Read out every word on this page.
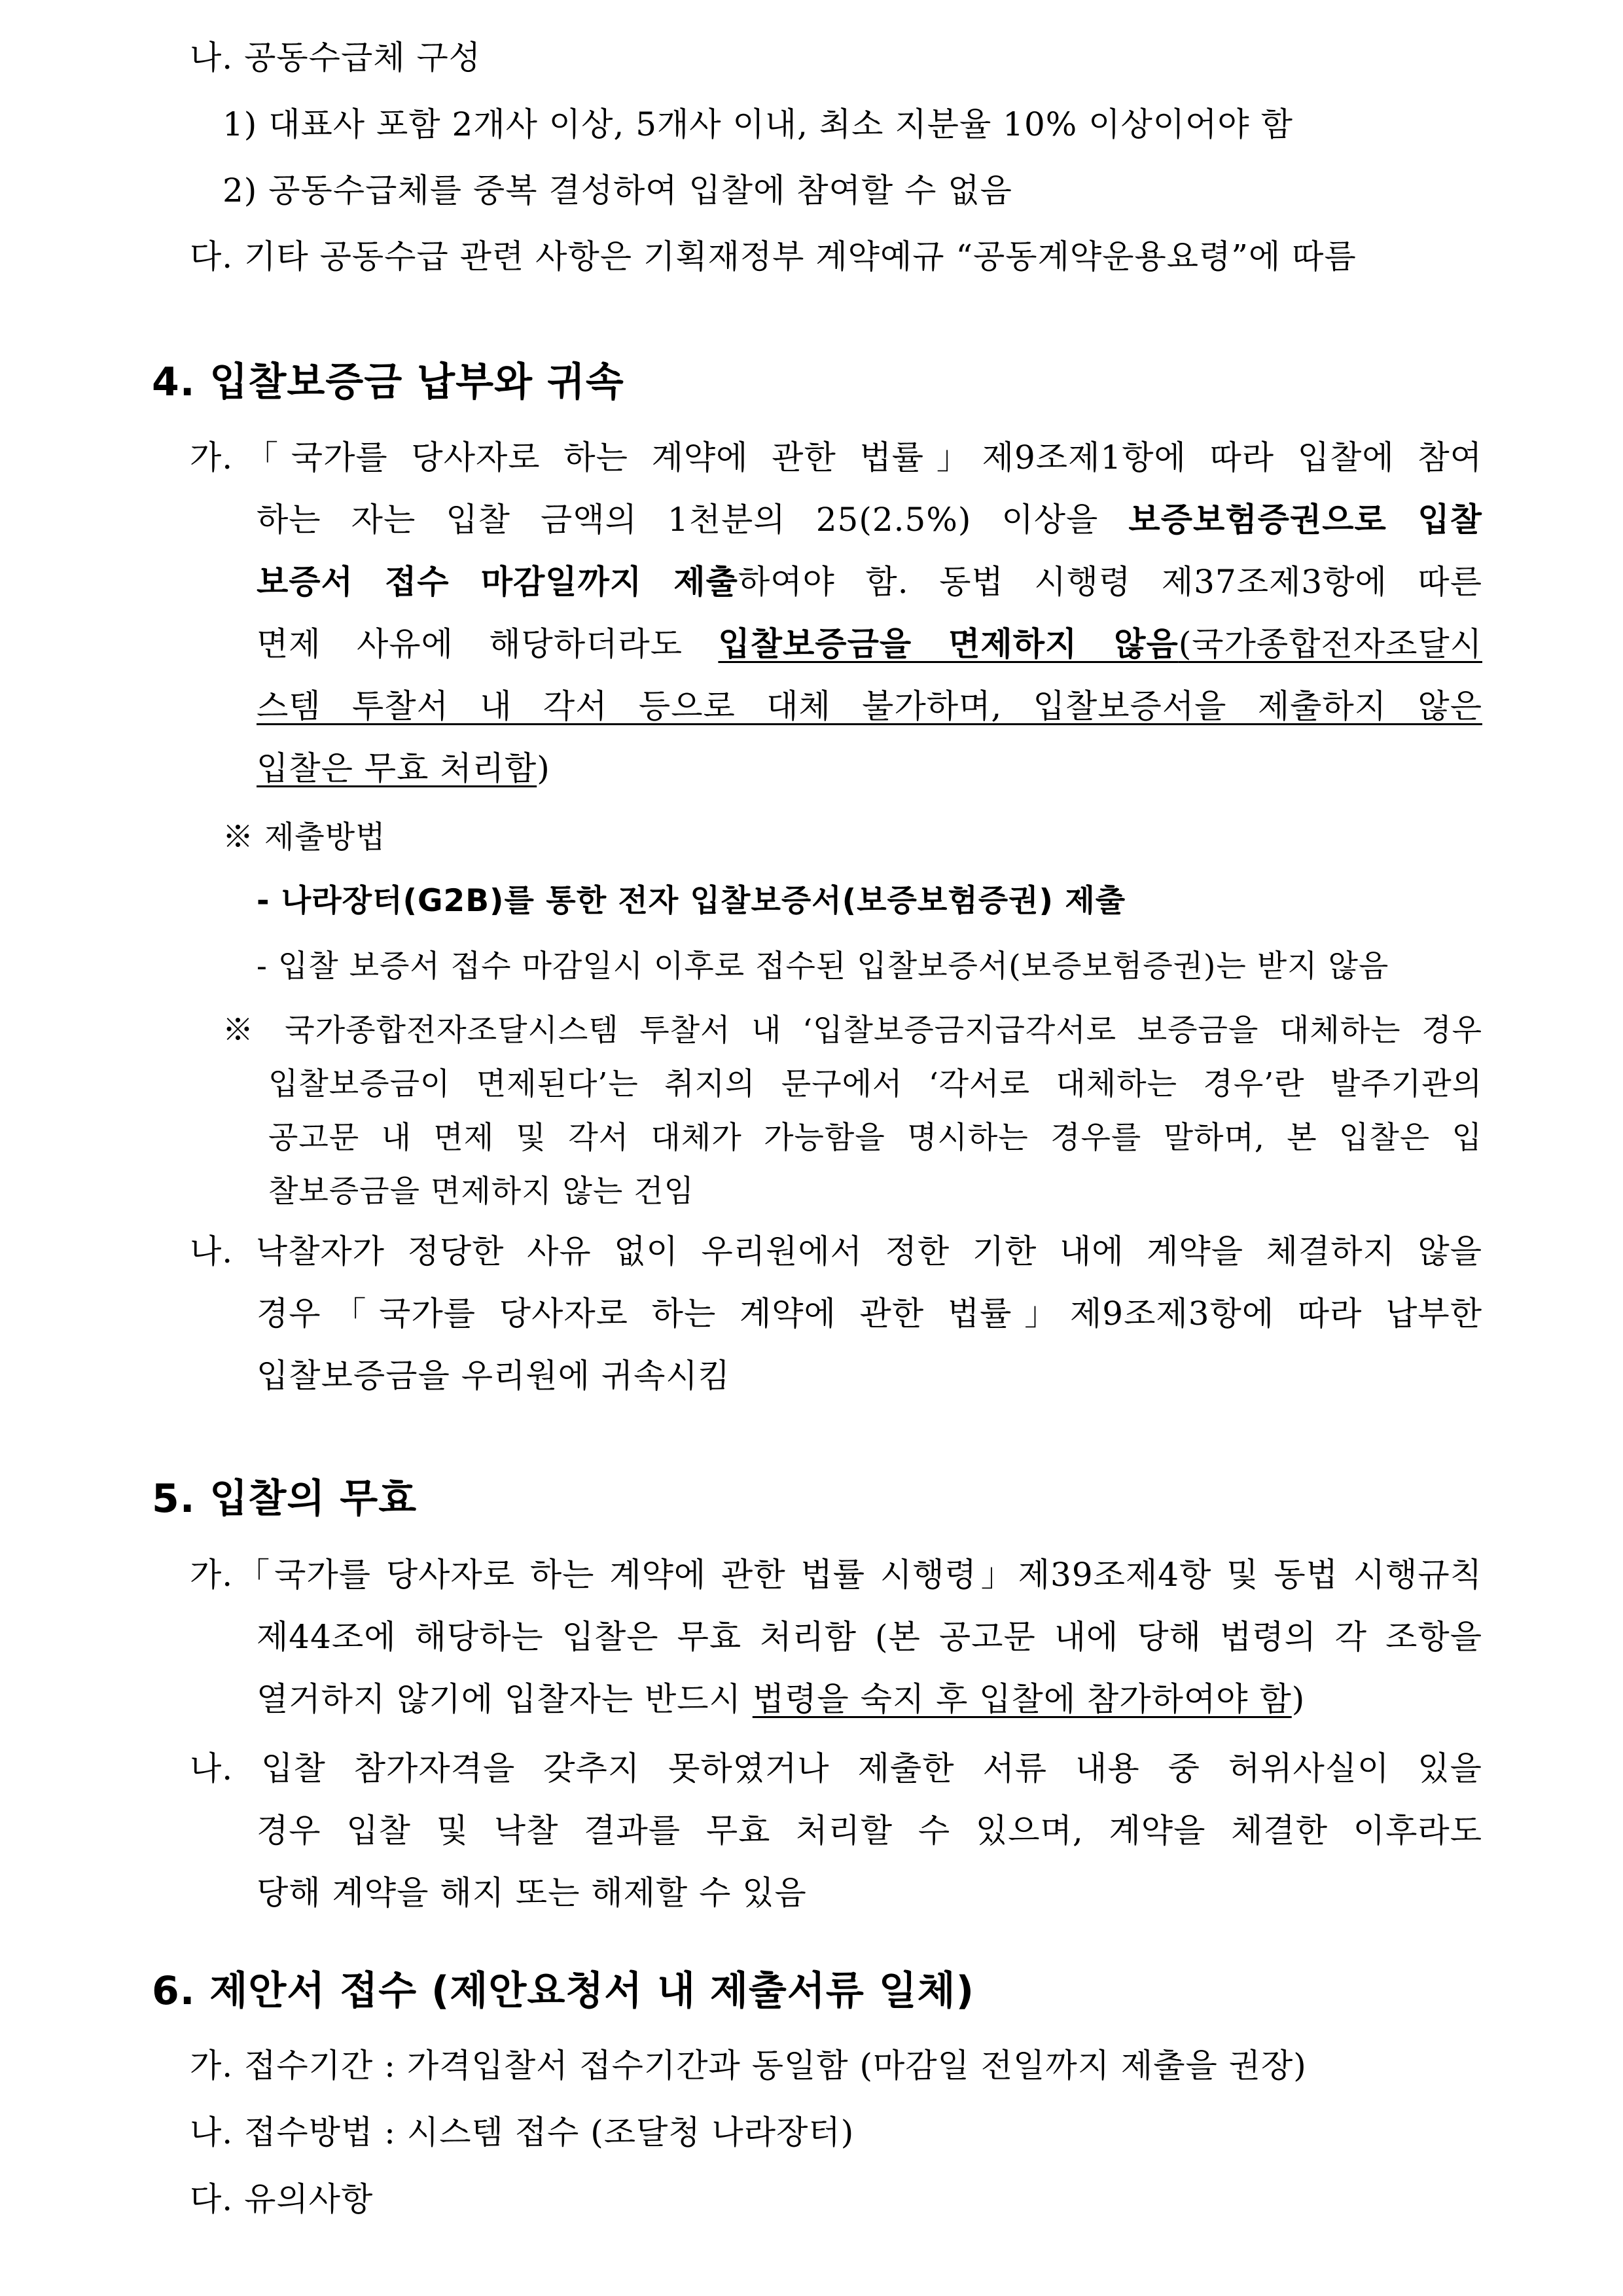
나. 공동수급체 구성

1) 대표사 포함 2개사 이상, 5개사 이내, 최소 지분율 10% 이상이어야 함

2) 공동수급체를 중복 결성하여 입찰에 참여할 수 없음

다. 기타 공동수급 관련 사항은 기획재정부 계약예규 “공동계약운용요령”에 따름

4. 입찰보증금 납부와 귀속

가.「국가를 당사자로 하는 계약에 관한 법률」제9조제1항에 따라 입찰에 참여

하는 자는 입찰 금액의 1천분의 25(2.5%) 이상을 보증보험증권으로 입찰

보증서 접수 마감일까지 제출하여야 함. 동법 시행령 제37조제3항에 따른

면제 사유에 해당하더라도 입찰보증금을 면제하지 않음(국가종합전자조달시

스템 투찰서 내 각서 등으로 대체 불가하며, 입찰보증서을 제출하지 않은

입찰은 무효 처리함)

※ 제출방법

- 나라장터(G2B)를 통한 전자 입찰보증서(보증보험증권) 제출

- 입찰 보증서 접수 마감일시 이후로 접수된 입찰보증서(보증보험증권)는 받지 않음

※ 국가종합전자조달시스템 투찰서 내 ‘입찰보증금지급각서로 보증금을 대체하는 경우

입찰보증금이 면제된다’는 취지의 문구에서 ‘각서로 대체하는 경우’란 발주기관의

공고문 내 면제 및 각서 대체가 가능함을 명시하는 경우를 말하며, 본 입찰은 입

찰보증금을 면제하지 않는 건임

나. 낙찰자가 정당한 사유 없이 우리원에서 정한 기한 내에 계약을 체결하지 않을

경우「국가를 당사자로 하는 계약에 관한 법률」제9조제3항에 따라 납부한

입찰보증금을 우리원에 귀속시킴

5. 입찰의 무효

가.「국가를 당사자로 하는 계약에 관한 법률 시행령」제39조제4항 및 동법 시행규칙

제44조에 해당하는 입찰은 무효 처리함 (본 공고문 내에 당해 법령의 각 조항을

열거하지 않기에 입찰자는 반드시 법령을 숙지 후 입찰에 참가하여야 함)

나. 입찰 참가자격을 갖추지 못하였거나 제출한 서류 내용 중 허위사실이 있을

경우 입찰 및 낙찰 결과를 무효 처리할 수 있으며, 계약을 체결한 이후라도

당해 계약을 해지 또는 해제할 수 있음

6. 제안서 접수 (제안요청서 내 제출서류 일체)

가. 접수기간 : 가격입찰서 접수기간과 동일함 (마감일 전일까지 제출을 권장)

나. 접수방법 : 시스템 접수 (조달청 나라장터)

다. 유의사항
